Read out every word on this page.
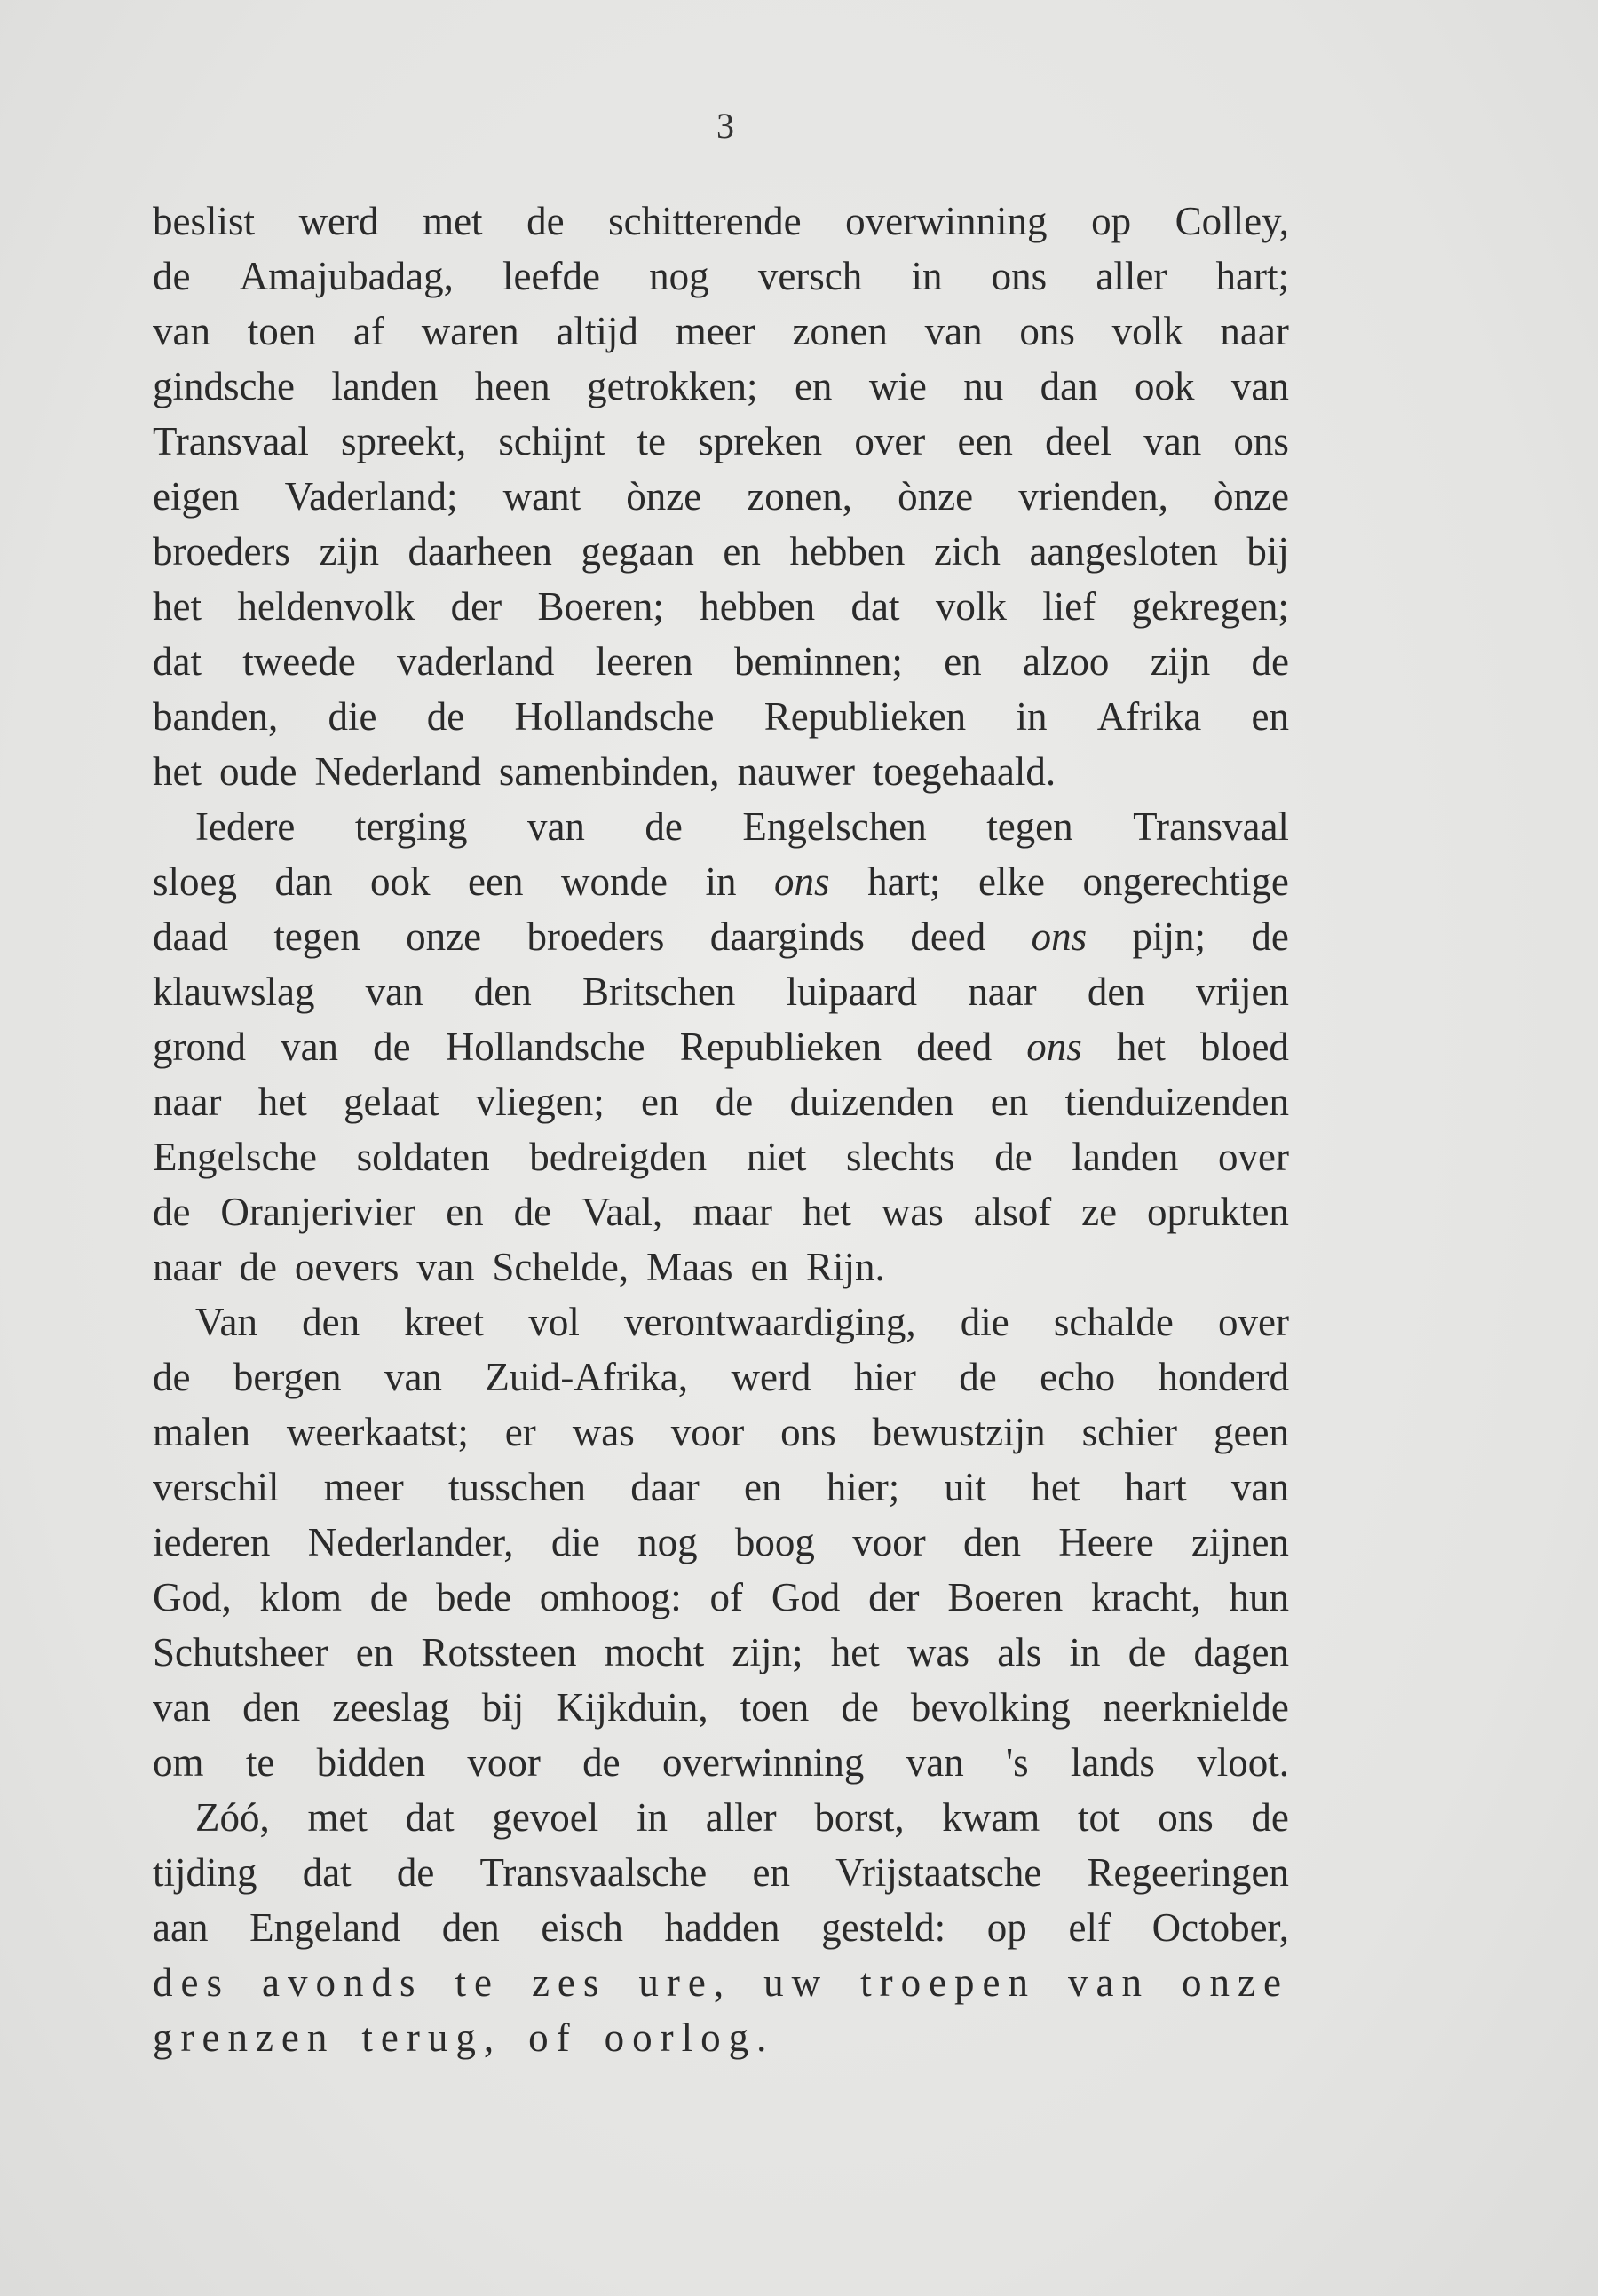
3
beslist werd met de schitterende overwinning op Colley,
de Amajubadag, leefde nog versch in ons aller hart;
van toen af waren altijd meer zonen van ons volk naar
gindsche landen heen getrokken; en wie nu dan ook van
Transvaal spreekt, schijnt te spreken over een deel van ons
eigen Vaderland; want ònze zonen, ònze vrienden, ònze
broeders zijn daarheen gegaan en hebben zich aangesloten bij
het heldenvolk der Boeren; hebben dat volk lief gekregen;
dat tweede vaderland leeren beminnen; en alzoo zijn de
banden, die de Hollandsche Republieken in Afrika en
het oude Nederland samenbinden, nauwer toegehaald.
Iedere terging van de Engelschen tegen Transvaal
sloeg dan ook een wonde in ons hart; elke ongerechtige
daad tegen onze broeders daarginds deed ons pijn; de
klauwslag van den Britschen luipaard naar den vrijen
grond van de Hollandsche Republieken deed ons het bloed
naar het gelaat vliegen; en de duizenden en tienduizenden
Engelsche soldaten bedreigden niet slechts de landen over
de Oranjerivier en de Vaal, maar het was alsof ze oprukten
naar de oevers van Schelde, Maas en Rijn.
Van den kreet vol verontwaardiging, die schalde over
de bergen van Zuid-Afrika, werd hier de echo honderd
malen weerkaatst; er was voor ons bewustzijn schier geen
verschil meer tusschen daar en hier; uit het hart van
iederen Nederlander, die nog boog voor den Heere zijnen
God, klom de bede omhoog: of God der Boeren kracht, hun
Schutsheer en Rotssteen mocht zijn; het was als in de dagen
van den zeeslag bij Kijkduin, toen de bevolking neerknielde
om te bidden voor de overwinning van 's lands vloot.
Zóó, met dat gevoel in aller borst, kwam tot ons de
tijding dat de Transvaalsche en Vrijstaatsche Regeeringen
aan Engeland den eisch hadden gesteld: op elf October,
des avonds te zes ure, uw troepen van onze
grenzen terug, of oorlog.
